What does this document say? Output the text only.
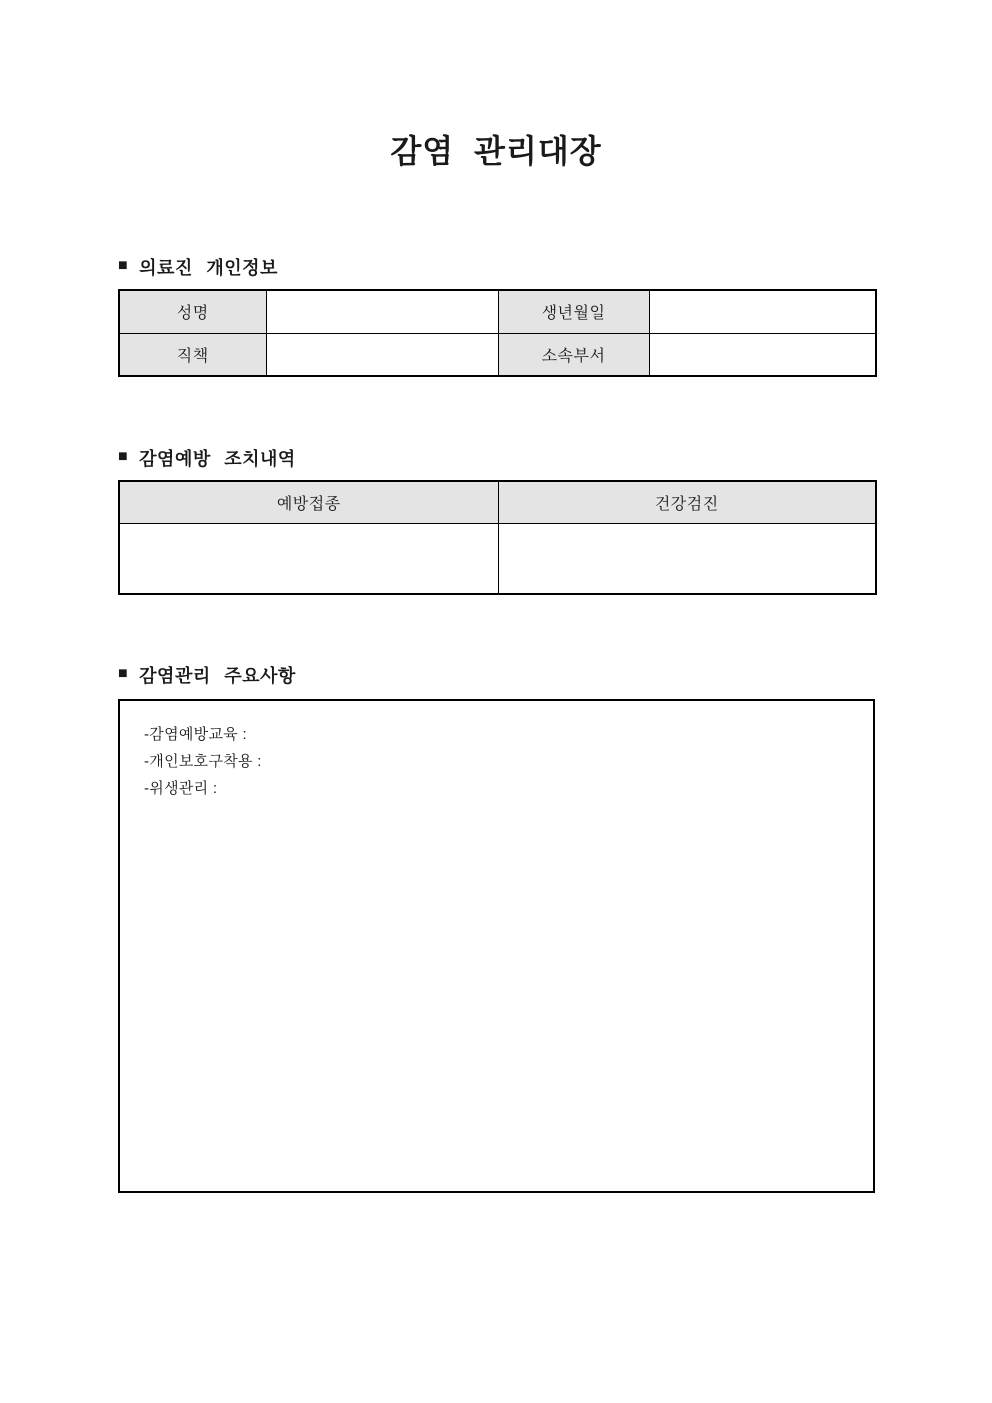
감염 관리대장
■ 의료진 개인정보
성명		생년월일	
직책		소속부서	
■ 감염예방 조치내역
예방접종	건강검진

■ 감염관리 주요사항
-감염예방교육 :
-개인보호구착용 :
-위생관리 :
